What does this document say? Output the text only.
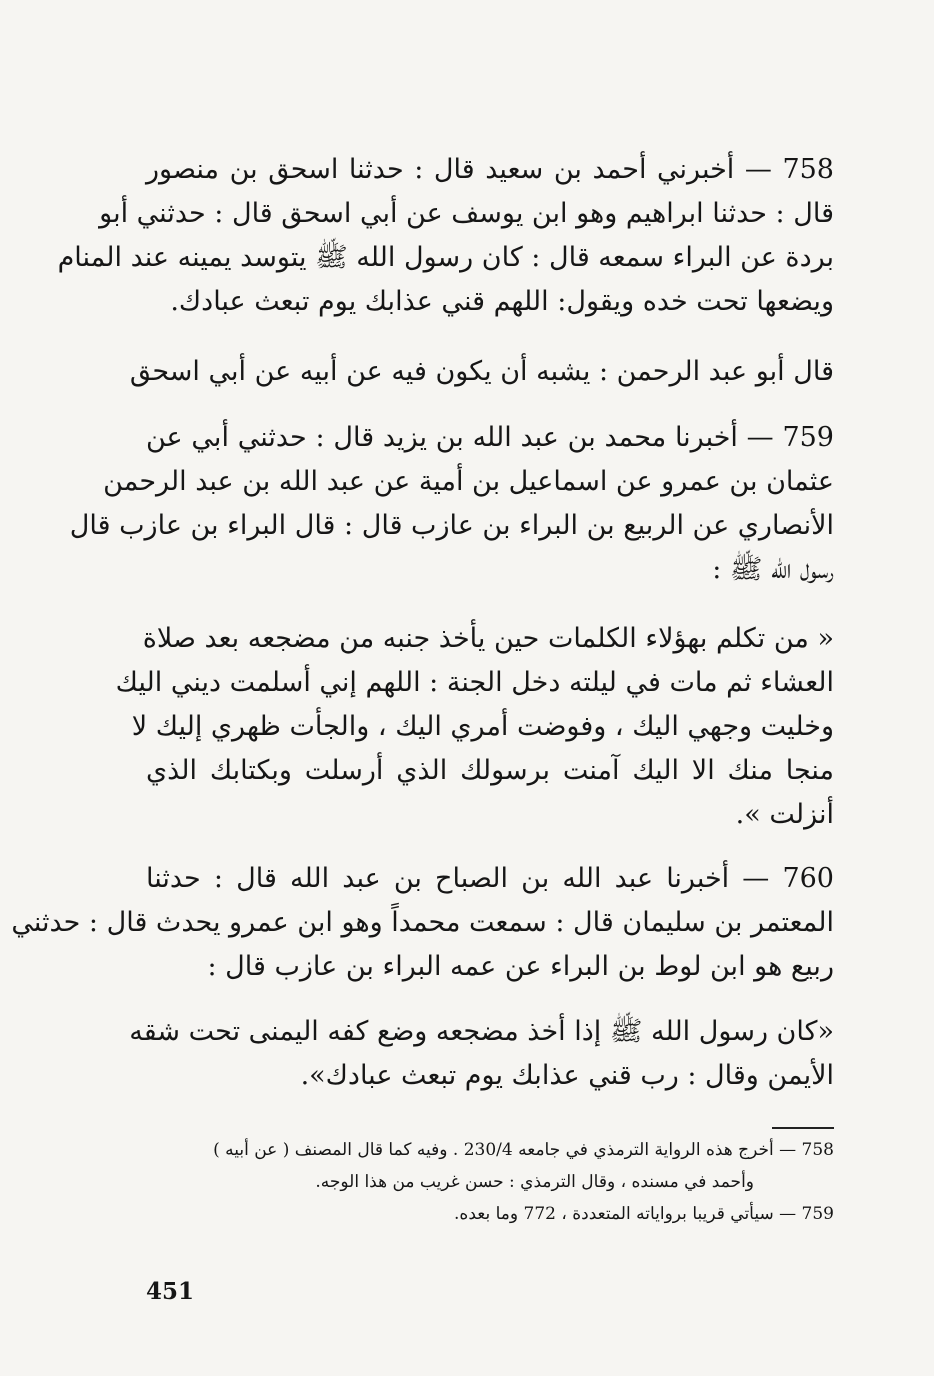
758 — أخبرني أحمد بن سعيد قال : حدثنا اسحق بن منصور
قال : حدثنا ابراهيم وهو ابن يوسف عن أبي اسحق قال : حدثني أبو
بردة عن البراء سمعه قال : كان رسول الله ﷺ يتوسد يمينه عند المنام
ويضعها تحت خده ويقول: اللهم قني عذابك يوم تبعث عبادك.
قال أبو عبد الرحمن : يشبه أن يكون فيه عن أبيه عن أبي اسحق
759 — أخبرنا محمد بن عبد الله بن يزيد قال : حدثني أبي عن
عثمان بن عمرو عن اسماعيل بن أمية عن عبد الله بن عبد الرحمن
الأنصاري عن الربيع بن البراء بن عازب قال : قال البراء بن عازب قال
رسول الله ﷺ :
« من تكلم بهؤلاء الكلمات حين يأخذ جنبه من مضجعه بعد صلاة
العشاء ثم مات في ليلته دخل الجنة : اللهم إني أسلمت ديني اليك
وخليت وجهي اليك ، وفوضت أمري اليك ، والجأت ظهري إليك لا
منجا منك الا اليك آمنت برسولك الذي أرسلت وبكتابك الذي
أنزلت ».
760 — أخبرنا عبد الله بن الصباح بن عبد الله قال : حدثنا
المعتمر بن سليمان قال : سمعت محمداً وهو ابن عمرو يحدث قال : حدثني
ربيع هو ابن لوط بن البراء عن عمه البراء بن عازب قال :
«كان رسول الله ﷺ إذا أخذ مضجعه وضع كفه اليمنى تحت شقه
الأيمن وقال : رب قني عذابك يوم تبعث عبادك».
758 — أخرج هذه الرواية الترمذي في جامعه 230/4 . وفيه كما قال المصنف ( عن أبيه )
وأحمد في مسنده ، وقال الترمذي : حسن غريب من هذا الوجه.
759 — سيأتي قريبا برواياته المتعددة ، 772 وما بعده.
451
